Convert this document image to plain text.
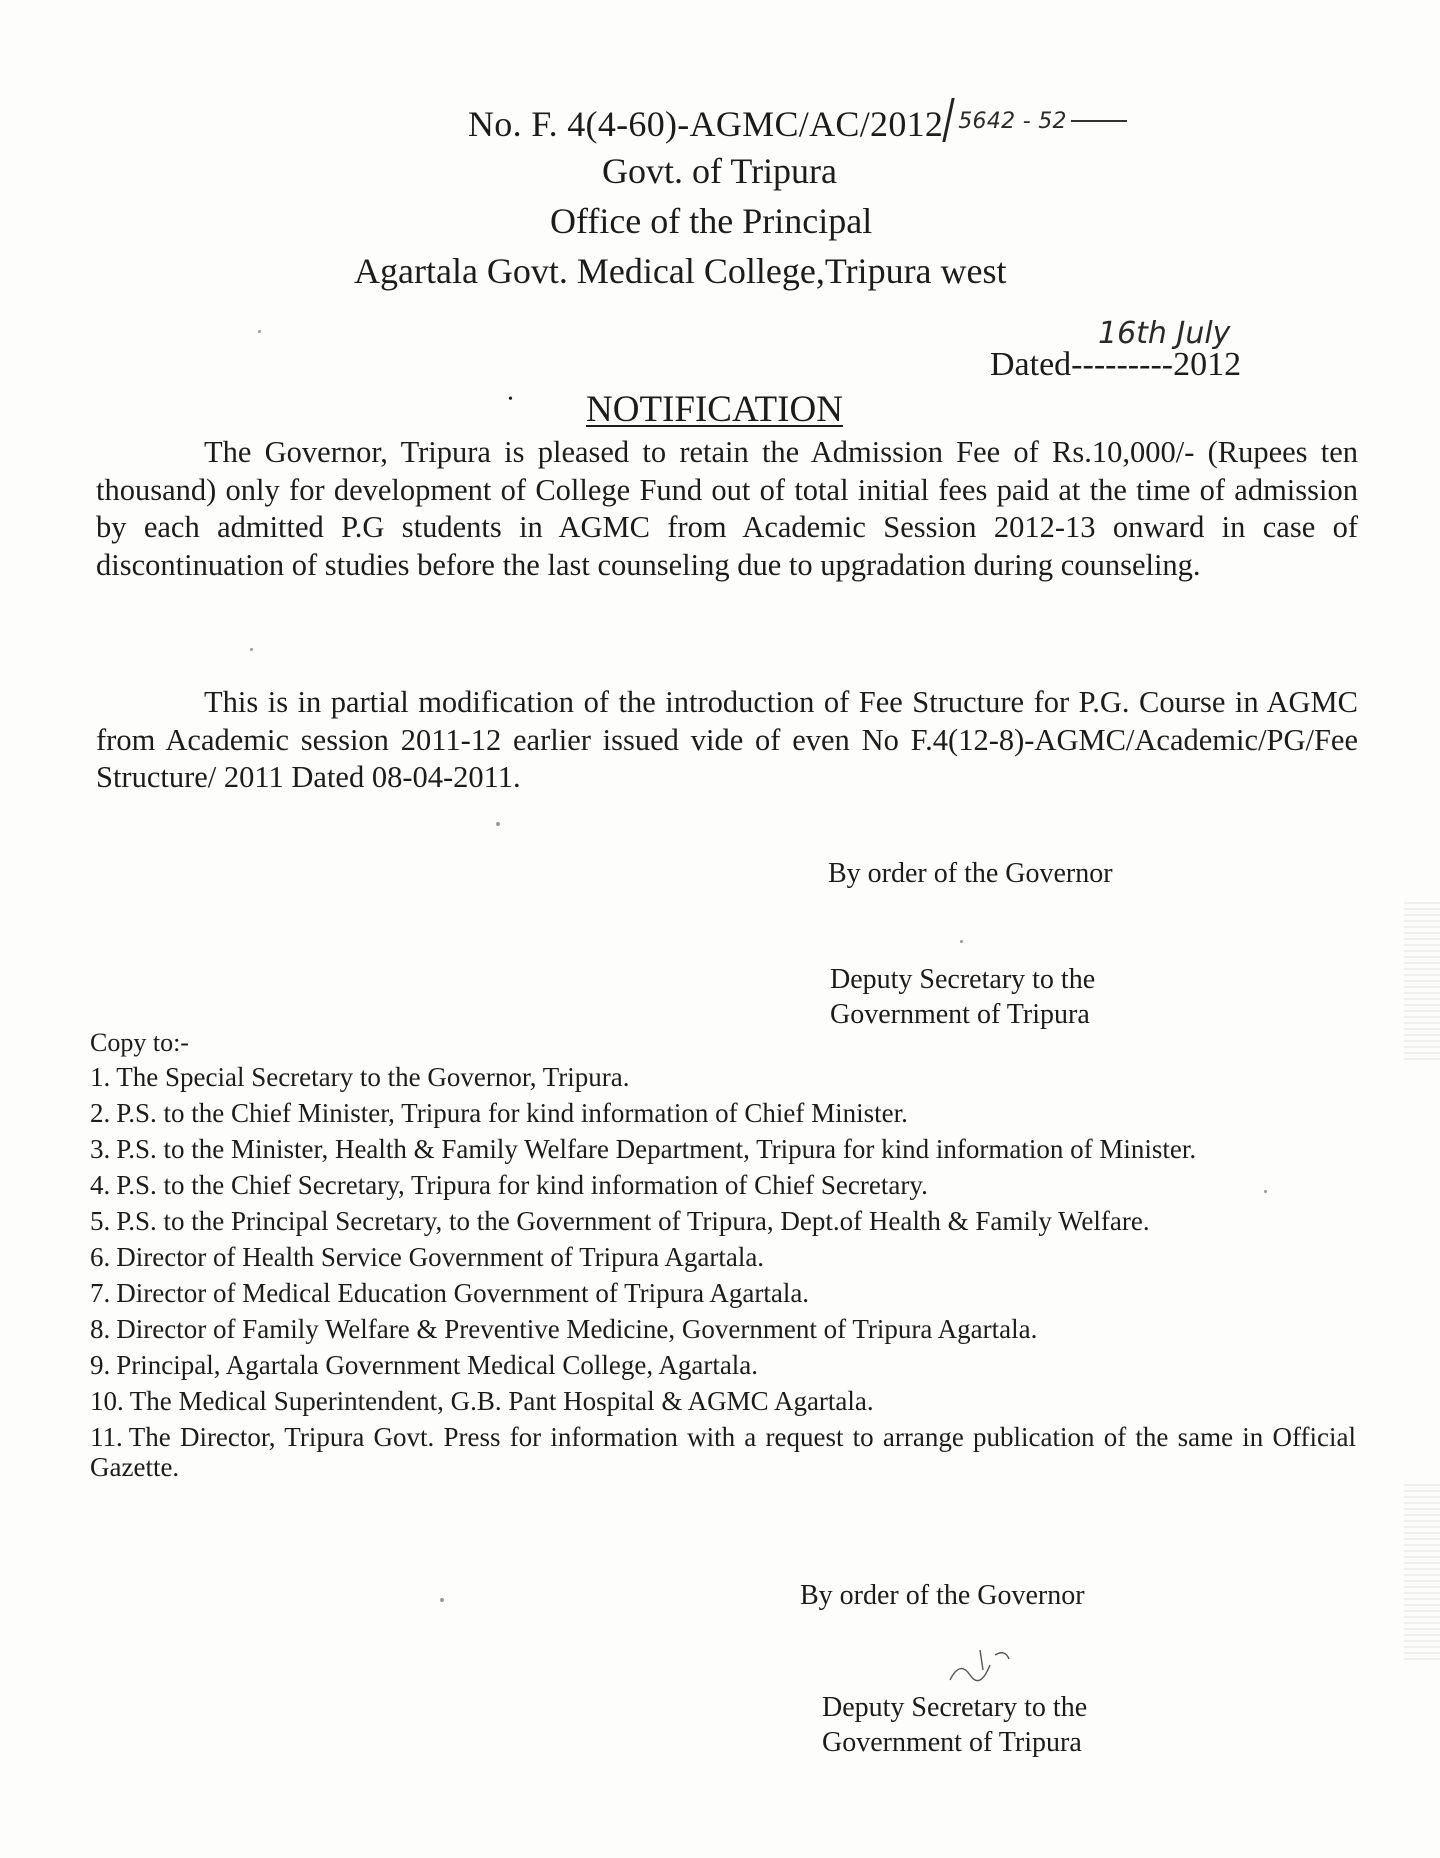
No. F. 4(4-60)-AGMC/AC/2012 $^{5642 - 52}$
Govt. of Tripura
Office of the Principal
Agartala Govt. Medical College,Tripura west
Dated---------2012
16th July
• NOTIFICATION
The Governor, Tripura is pleased to retain the Admission Fee of Rs.10,000/- (Rupees ten thousand) only for development of College Fund out of total initial fees paid at the time of admission by each admitted P.G students in AGMC from Academic Session 2012-13 onward in case of discontinuation of studies before the last counseling due to upgradation during counseling.
This is in partial modification of the introduction of Fee Structure for P.G. Course in AGMC from Academic session 2011-12 earlier issued vide of even No F.4(12-8)-AGMC/Academic/PG/Fee Structure/ 2011 Dated 08-04-2011.
By order of the Governor
Deputy Secretary to the
Government of Tripura
Copy to:-
1. The Special Secretary to the Governor, Tripura.
2. P.S. to the Chief Minister, Tripura for kind information of Chief Minister.
3. P.S. to the Minister, Health & Family Welfare Department, Tripura for kind information of Minister.
4. P.S. to the Chief Secretary, Tripura for kind information of Chief Secretary.
5. P.S. to the Principal Secretary, to the Government of Tripura, Dept.of Health & Family Welfare.
6. Director of Health Service Government of Tripura Agartala.
7. Director of Medical Education Government of Tripura Agartala.
8. Director of Family Welfare & Preventive Medicine, Government of Tripura Agartala.
9. Principal, Agartala Government Medical College, Agartala.
10. The Medical Superintendent, G.B. Pant Hospital & AGMC Agartala.
11. The Director, Tripura Govt. Press for information with a request to arrange publication of the same in Official Gazette.
By order of the Governor
Deputy Secretary to the
Government of Tripura
